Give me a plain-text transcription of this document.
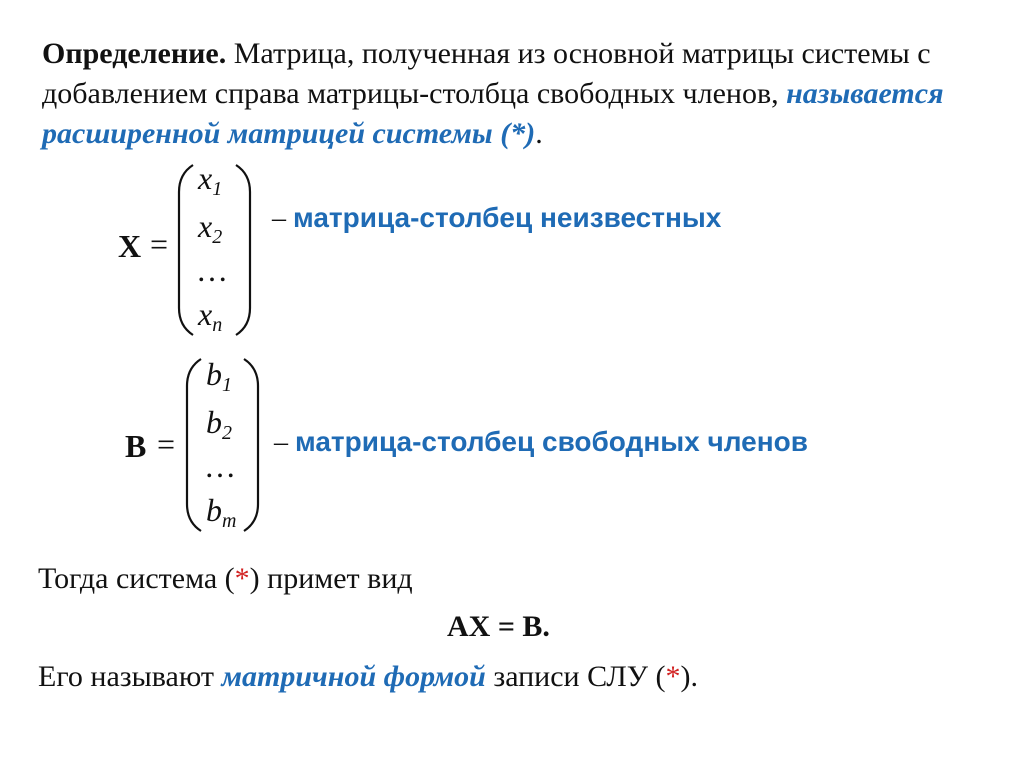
Определение. Матрица, полученная из основной матрицы системы с добавлением справа матрицы-столбца свободных членов, называется расширенной матрицей системы (*).
X =
$x_1$
$x_2$
…
$x_n$
– матрица-столбец неизвестных
B =
$b_1$
$b_2$
…
$b_m$
– матрица-столбец свободных членов
Тогда система (*) примет вид
AX = B.
Его называют матричной формой записи СЛУ (*).
